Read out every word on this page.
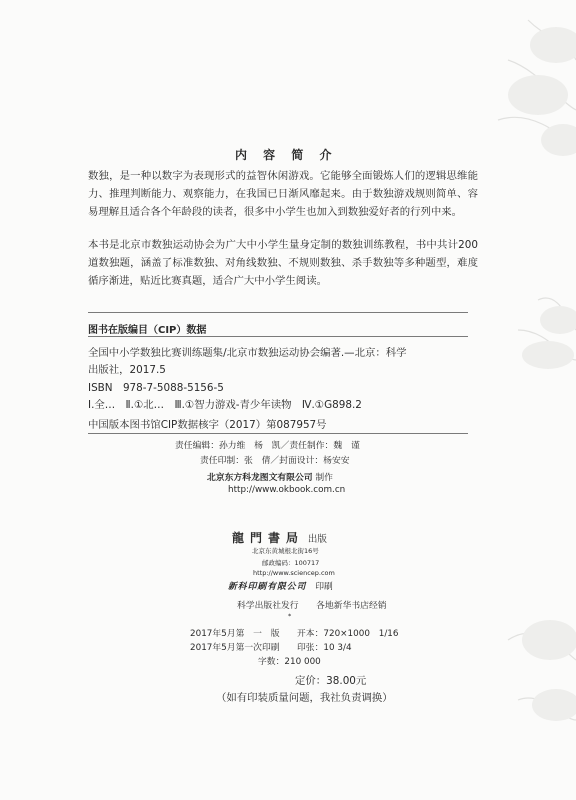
内 容 简 介
数独，是一种以数字为表现形式的益智休闲游戏。它能够全面锻炼人们的逻辑思维能力、推理判断能力、观察能力，在我国已日渐风靡起来。由于数独游戏规则简单、容易理解且适合各个年龄段的读者，很多中小学生也加入到数独爱好者的行列中来。
本书是北京市数独运动协会为广大中小学生量身定制的数独训练教程，书中共计200道数独题，涵盖了标准数独、对角线数独、不规则数独、杀手数独等多种题型，难度循序渐进，贴近比赛真题，适合广大中小学生阅读。
图书在版编目（CIP）数据
全国中小学数独比赛训练题集/北京市数独运动协会编著.—北京：科学
出版社，2017.5
ISBN　978-7-5088-5156-5
Ⅰ.全…　Ⅱ.①北…　Ⅲ.①智力游戏-青少年读物　Ⅳ.①G898.2
中国版本图书馆CIP数据核字（2017）第087957号
责任编辑：孙力维　杨　凯／责任制作：魏　谨
责任印制：张　倩／封面设计：杨安安
北京东方科龙图文有限公司 制作
http://www.okbook.com.cn
龍門書局 出版
北京东黄城根北街16号
邮政编码：100717
http://www.sciencep.com
新科印刷有限公司 印刷
科学出版社发行　　各地新华书店经销
*
2017年5月第　一　版 开本：720×1000　1/16
2017年5月第一次印刷 印张：10 3/4
字数：210 000
定价：38.00元
（如有印装质量问题，我社负责调换）
